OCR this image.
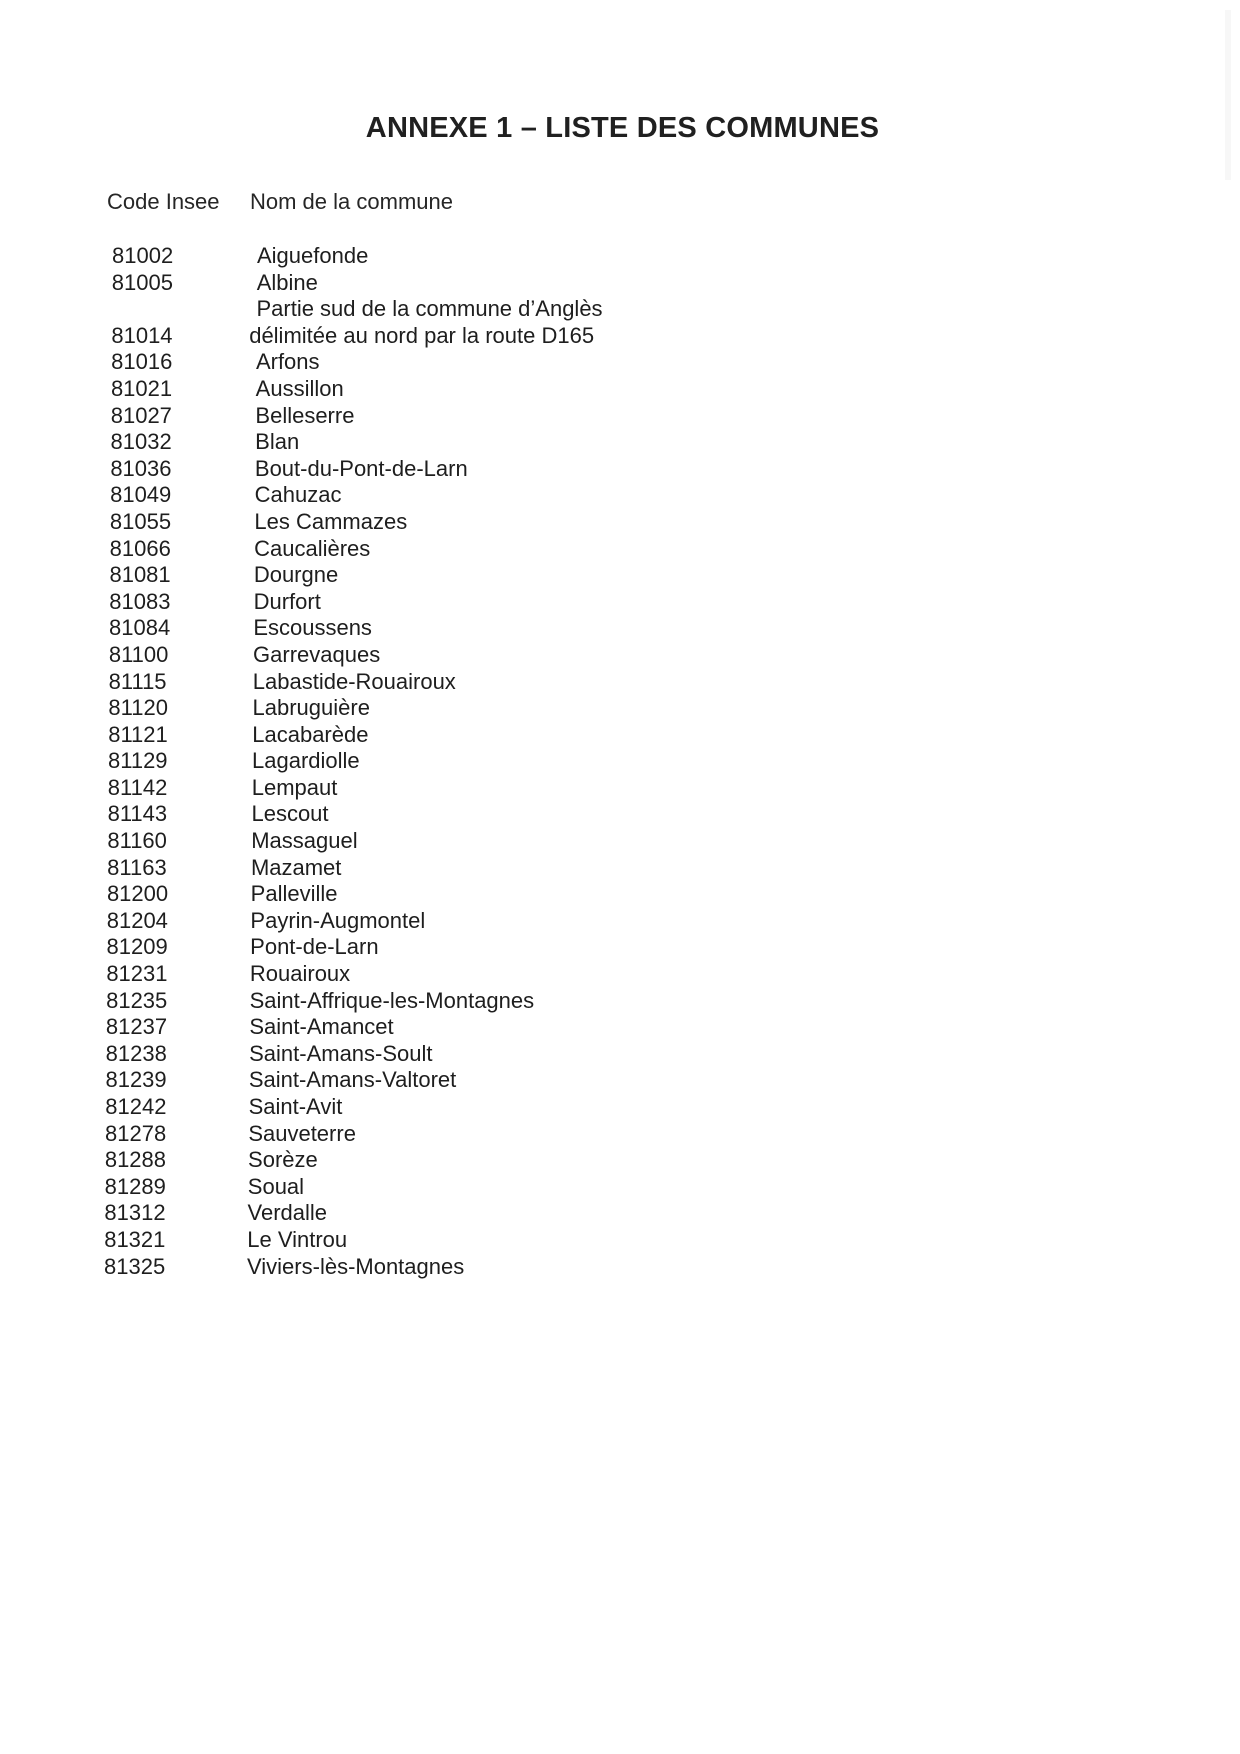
ANNEXE 1 – LISTE DES COMMUNES
Code Insee Nom de la commune
81002	Aiguefonde
81005	Albine
Partie sud de la commune d’Anglès
81014	délimitée au nord par la route D165
81016	Arfons
81021	Aussillon
81027	Belleserre
81032	Blan
81036	Bout-du-Pont-de-Larn
81049	Cahuzac
81055	Les Cammazes
81066	Caucalières
81081	Dourgne
81083	Durfort
81084	Escoussens
81100	Garrevaques
81115	Labastide-Rouairoux
81120	Labruguière
81121	Lacabarède
81129	Lagardiolle
81142	Lempaut
81143	Lescout
81160	Massaguel
81163	Mazamet
81200	Palleville
81204	Payrin-Augmontel
81209	Pont-de-Larn
81231	Rouairoux
81235	Saint-Affrique-les-Montagnes
81237	Saint-Amancet
81238	Saint-Amans-Soult
81239	Saint-Amans-Valtoret
81242	Saint-Avit
81278	Sauveterre
81288	Sorèze
81289	Soual
81312	Verdalle
81321	Le Vintrou
81325	Viviers-lès-Montagnes
